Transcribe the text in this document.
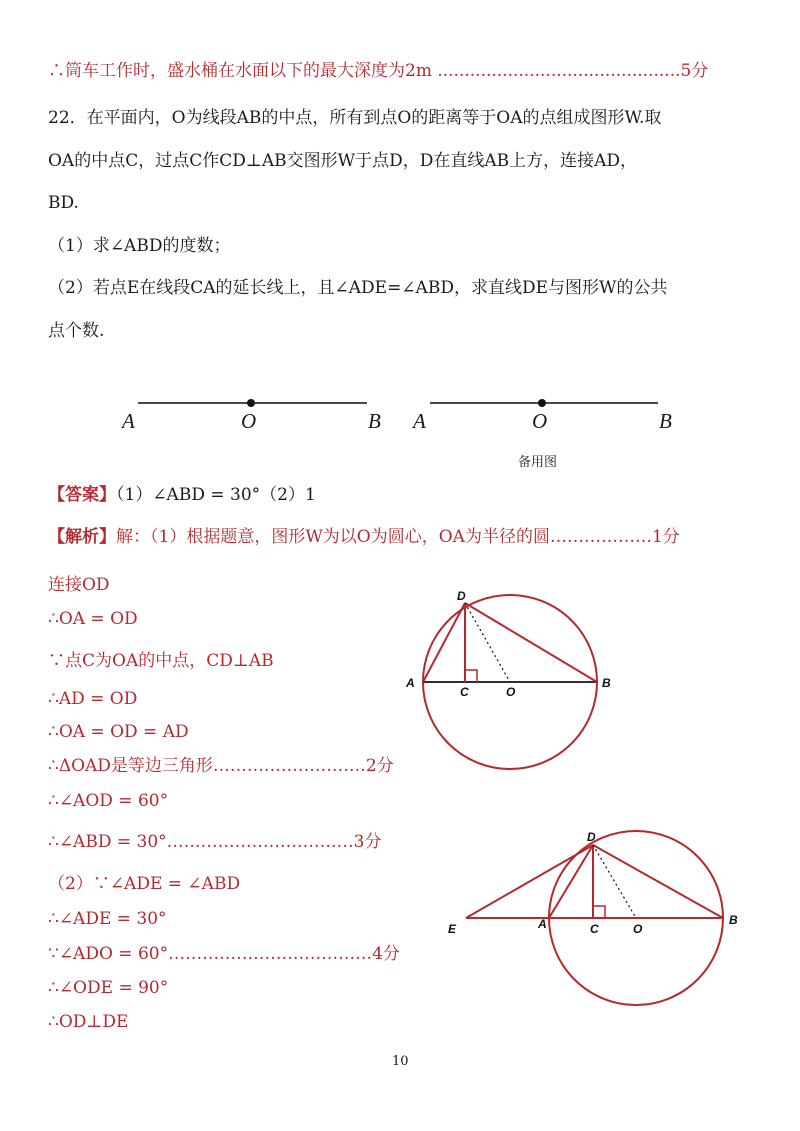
∴筒车工作时，盛水桶在水面以下的最大深度为2m .............................................5分
22．在平面内，O为线段AB的中点，所有到点O的距离等于OA的点组成图形W.取
OA的中点C，过点C作CD⊥AB交图形W于点D，D在直线AB上方，连接AD，
BD.
（1）求∠ABD的度数；
（2）若点E在线段CA的延长线上，且∠ADE=∠ABD，求直线DE与图形W的公共
点个数.
A	O	B A	O	B
备用图
【答案】（1）∠ABD = 30°（2）1
【解析】解：（1）根据题意，图形W为以O为圆心，OA为半径的圆………………1分
连接OD
∴OA = OD
∵点C为OA的中点，CD⊥AB
∴AD = OD
∴OA = OD = AD
∴ΔOAD是等边三角形………………………2分
∴∠AOD = 60°
∴∠ABD = 30°……………………………3分
（2）∵∠ADE = ∠ABD
∴∠ADE = 30°
∵∠ADO = 60°………………………………4分
∴∠ODE = 90°
∴OD⊥DE
D
A
C	O
B
D
E	A	C	O
B
10
